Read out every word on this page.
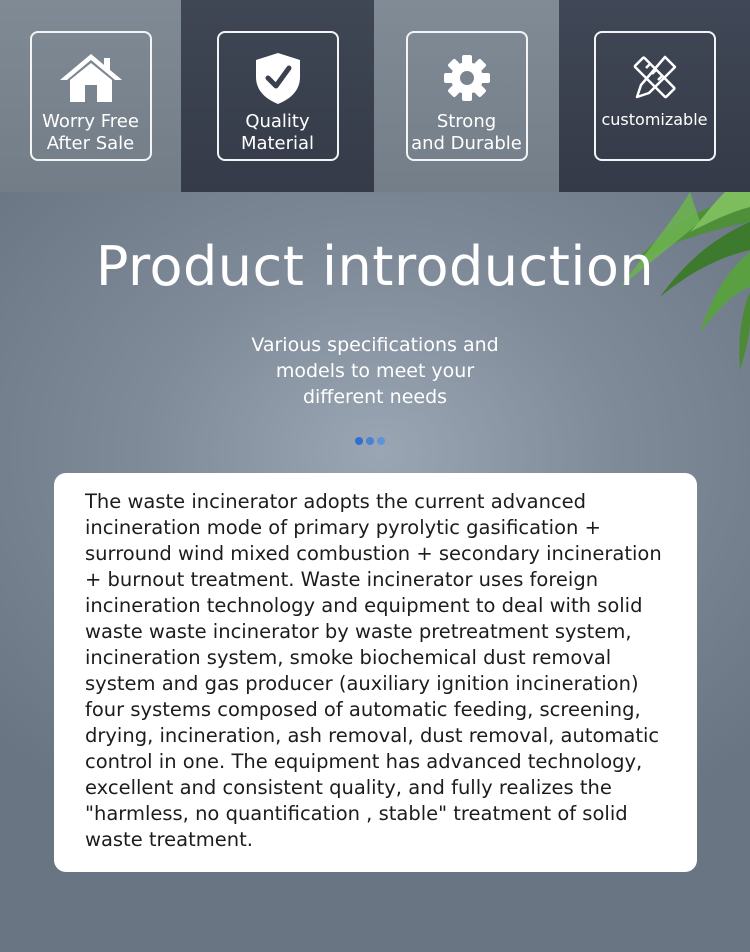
Worry Free
After Sale
Quality
Material
Strong
and Durable
customizable
Product introduction
Various specifications and
models to meet your
different needs

The waste incinerator adopts the current advanced incineration mode of primary pyrolytic gasification + surround wind mixed combustion + secondary incineration + burnout treatment. Waste incinerator uses foreign incineration technology and equipment to deal with solid waste waste incinerator by waste pretreatment system, incineration system, smoke biochemical dust removal system and gas producer (auxiliary ignition incineration) four systems composed of automatic feeding, screening, drying, incineration, ash removal, dust removal, automatic control in one. The equipment has advanced technology, excellent and consistent quality, and fully realizes the "harmless, no quantification , stable" treatment of solid waste treatment.
